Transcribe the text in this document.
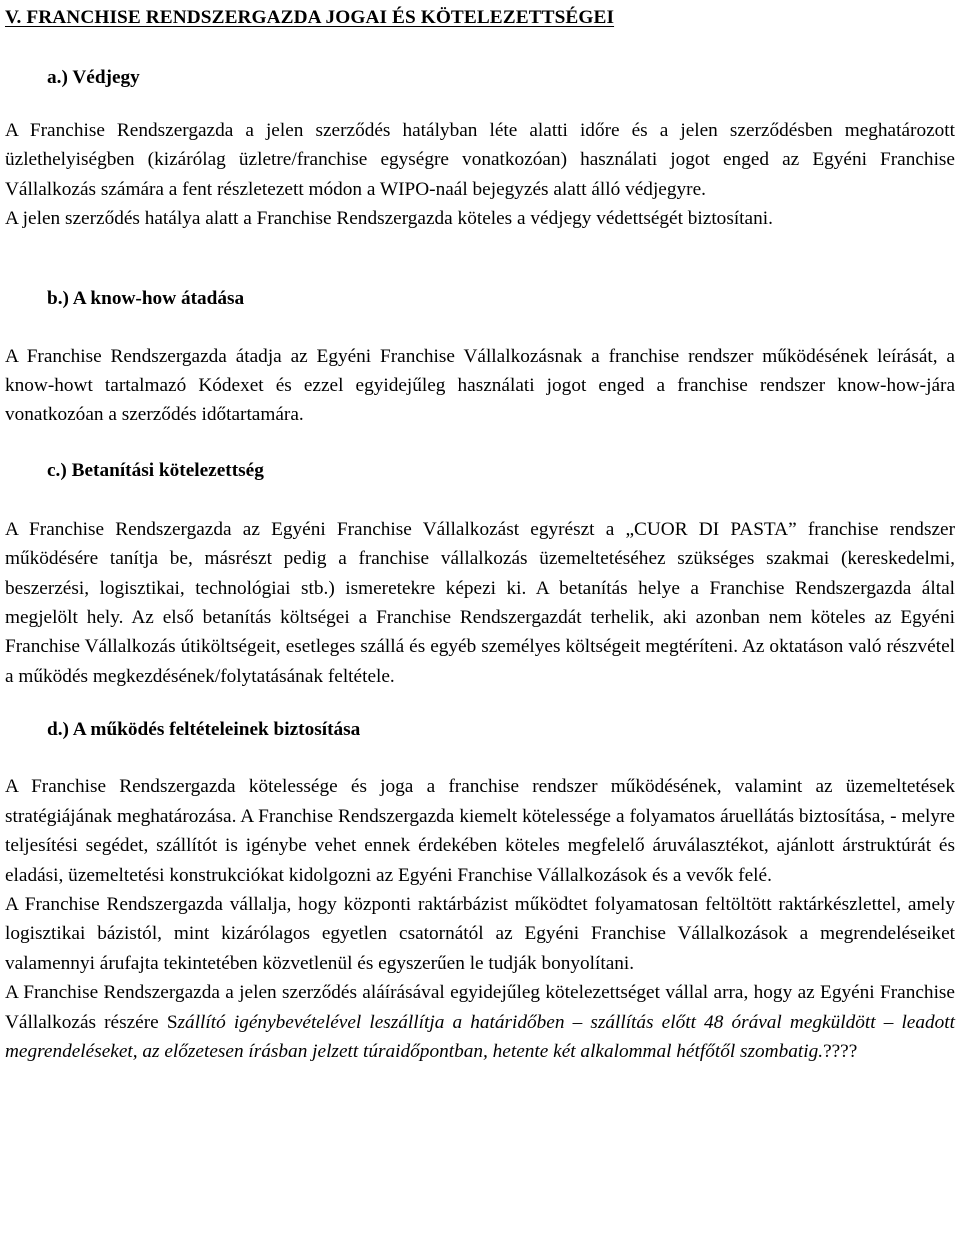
V. FRANCHISE RENDSZERGAZDA JOGAI ÉS KÖTELEZETTSÉGEI
a.) Védjegy

A Franchise Rendszergazda a jelen szerződés hatályban léte alatti időre és a jelen szerződésben meghatározott üzlethelyiségben (kizárólag üzletre/franchise egységre vonatkozóan) használati jogot enged az Egyéni Franchise Vállalkozás számára a fent részletezett módon a WIPO-naál bejegyzés alatt álló védjegyre.

A jelen szerződés hatálya alatt a Franchise Rendszergazda köteles a védjegy védettségét biztosítani.

b.) A know-how átadása

A Franchise Rendszergazda átadja az Egyéni Franchise Vállalkozásnak a franchise rendszer működésének leírását, a know-howt tartalmazó Kódexet és ezzel egyidejűleg használati jogot enged a franchise rendszer know-how-jára vonatkozóan a szerződés időtartamára.

c.) Betanítási kötelezettség

A Franchise Rendszergazda az Egyéni Franchise Vállalkozást egyrészt a „CUOR DI PASTA” franchise rendszer működésére tanítja be, másrészt pedig a franchise vállalkozás üzemeltetéséhez szükséges szakmai (kereskedelmi, beszerzési, logisztikai, technológiai stb.) ismeretekre képezi ki. A betanítás helye a Franchise Rendszergazda által megjelölt hely. Az első betanítás költségei a Franchise Rendszergazdát terhelik, aki azonban nem köteles az Egyéni Franchise Vállalkozás útiköltségeit, esetleges szállá és egyéb személyes költségeit megtéríteni. Az oktatáson való részvétel a működés megkezdésének/folytatásának feltétele.

d.) A működés feltételeinek biztosítása

A Franchise Rendszergazda kötelessége és joga a franchise rendszer működésének, valamint az üzemeltetések stratégiájának meghatározása. A Franchise Rendszergazda kiemelt kötelessége a folyamatos áruellátás biztosítása, - melyre teljesítési segédet, szállítót is igénybe vehet ennek érdekében köteles megfelelő áruválasztékot, ajánlott árstruktúrát és eladási, üzemeltetési konstrukciókat kidolgozni az Egyéni Franchise Vállalkozások és a vevők felé.

A Franchise Rendszergazda vállalja, hogy központi raktárbázist működtet folyamatosan feltöltött raktárkészlettel, amely logisztikai bázistól, mint kizárólagos egyetlen csatornától az Egyéni Franchise Vállalkozások a megrendeléseiket valamennyi árufajta tekintetében közvetlenül és egyszerűen le tudják bonyolítani.

A Franchise Rendszergazda a jelen szerződés aláírásával egyidejűleg kötelezettséget vállal arra, hogy az Egyéni Franchise Vállalkozás részére Szállító igénybevételével leszállítja a határidőben – szállítás előtt 48 órával megküldött – leadott megrendeléseket, az előzetesen írásban jelzett túraidőpontban, hetente két alkalommal hétfőtől szombatig.????
